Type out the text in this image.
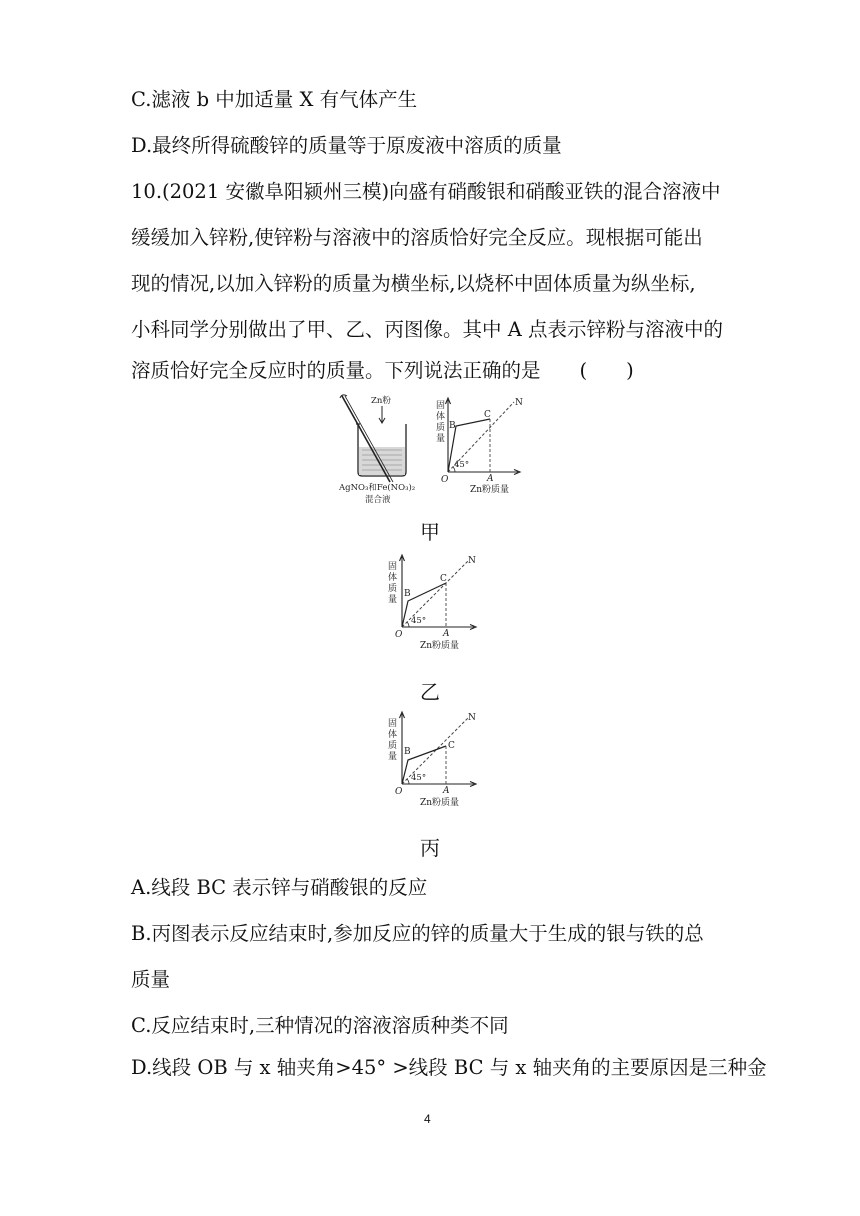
C.滤液 b 中加适量 X 有气体产生
D.最终所得硫酸锌的质量等于原废液中溶质的质量
10.(2021 安徽阜阳颍州三模)向盛有硝酸银和硝酸亚铁的混合溶液中
缓缓加入锌粉,使锌粉与溶液中的溶质恰好完全反应。现根据可能出
现的情况,以加入锌粉的质量为横坐标,以烧杯中固体质量为纵坐标,
小科同学分别做出了甲、乙、丙图像。其中 A 点表示锌粉与溶液中的
溶质恰好完全反应时的质量。下列说法正确的是　　(　　)
Zn粉
AgNO₃和Fe(NO₃)₂
混合液
固
体
质
量
45°
O	A
B
C
N
Zn粉质量
甲
固
体
质
量
45°
O	A
B
C
N
Zn粉质量
乙
固
体
质
量
45°
O	A
B
C
N
Zn粉质量
丙
A.线段 BC 表示锌与硝酸银的反应
B.丙图表示反应结束时,参加反应的锌的质量大于生成的银与铁的总
质量
C.反应结束时,三种情况的溶液溶质种类不同
D.线段 OB 与 x 轴夹角>45° >线段 BC 与 x 轴夹角的主要原因是三种金
4
